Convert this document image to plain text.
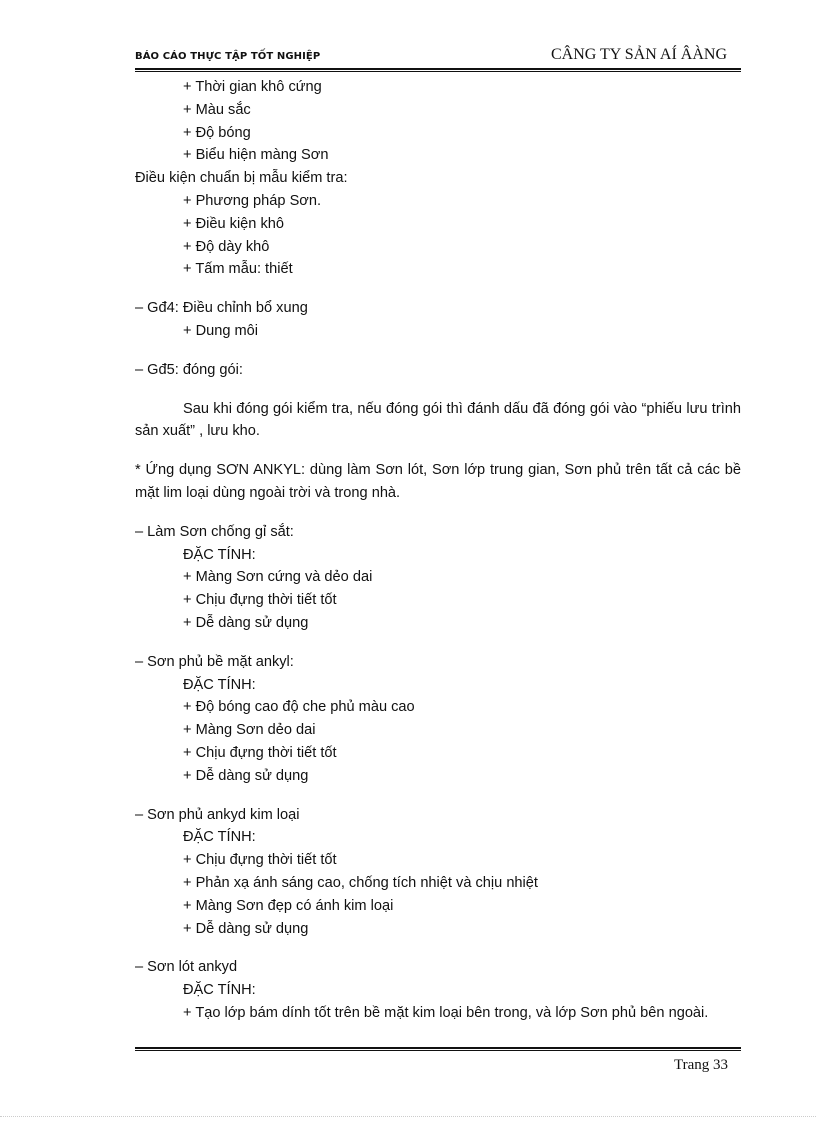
BÁO CÁO THỰC TẬP TỐT NGHIỆP	CÂNG TY SẢN AÍ ÂÀNG
+ Thời gian khô cứng
+ Màu sắc
+ Độ bóng
+ Biểu hiện màng Sơn
Điều kiện chuẩn bị mẫu kiểm tra:
+ Phương pháp Sơn.
+ Điều kiện khô
+ Độ dày khô
+ Tấm mẫu: thiết
– Gđ4: Điều chỉnh bổ xung
+ Dung môi
– Gđ5: đóng gói:
Sau khi đóng gói kiểm tra, nếu đóng gói thì đánh dấu đã đóng gói vào “phiếu lưu trình sản xuất” , lưu kho.
* Ứng dụng SƠN ANKYL: dùng làm Sơn lót, Sơn lớp trung gian, Sơn phủ trên tất cả các bề mặt lim loại dùng ngoài trời và trong nhà.
– Làm Sơn chống gỉ sắt:
ĐẶC TÍNH:
+ Màng Sơn cứng và dẻo dai
+ Chịu đựng thời tiết tốt
+ Dễ dàng sử dụng
– Sơn phủ bề mặt ankyl:
ĐẶC TÍNH:
+ Độ bóng cao độ che phủ màu cao
+ Màng Sơn dẻo dai
+ Chịu đựng thời tiết tốt
+ Dễ dàng sử dụng
– Sơn phủ ankyd kim loại
ĐẶC TÍNH:
+ Chịu đựng thời tiết tốt
+ Phản xạ ánh sáng cao, chống tích nhiệt và chịu nhiệt
+ Màng Sơn đẹp có ánh kim loại
+ Dễ dàng sử dụng
– Sơn lót ankyd
ĐẶC TÍNH:
+ Tạo lớp bám dính tốt trên bề mặt kim loại bên trong, và lớp Sơn phủ bên ngoài.
Trang 33
